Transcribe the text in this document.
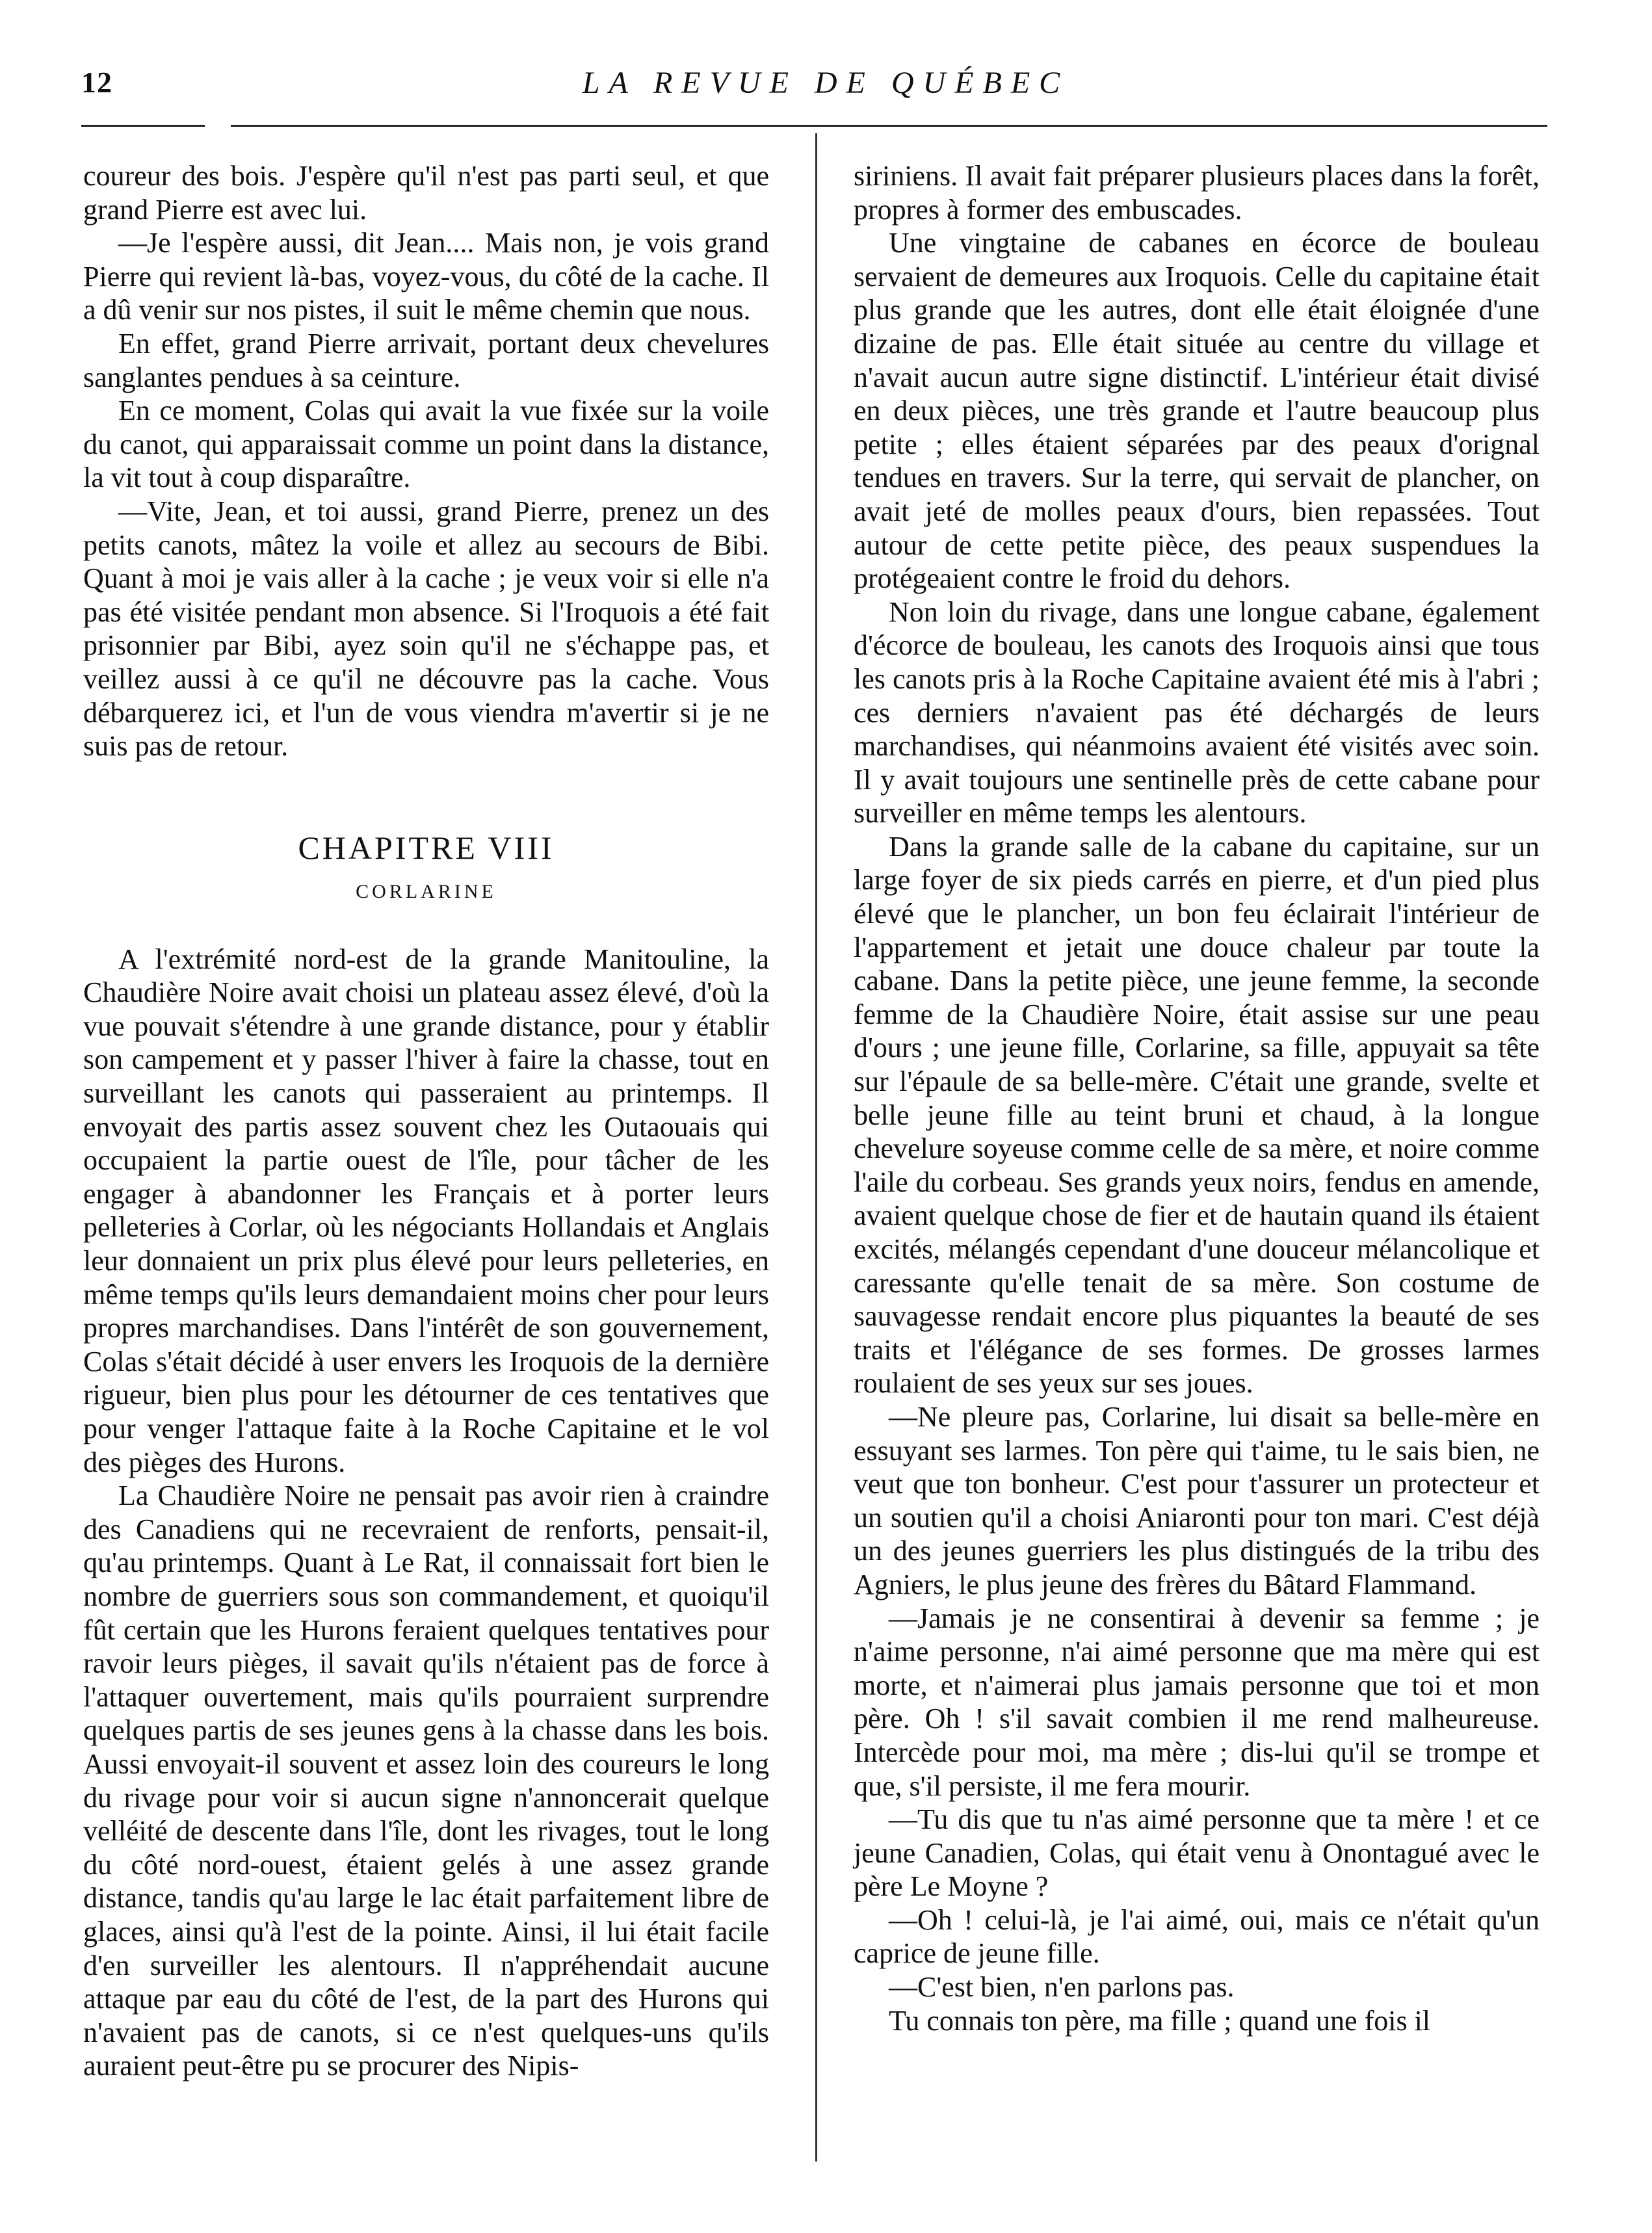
12	LA REVUE DE QUÉBEC

coureur des bois. J'espère qu'il n'est pas parti seul, et que grand Pierre est avec lui.

—Je l'espère aussi, dit Jean.... Mais non, je vois grand Pierre qui revient là-bas, voyez-vous, du côté de la cache. Il a dû venir sur nos pistes, il suit le même chemin que nous.

En effet, grand Pierre arrivait, portant deux chevelures sanglantes pendues à sa ceinture.

En ce moment, Colas qui avait la vue fixée sur la voile du canot, qui apparaissait comme un point dans la distance, la vit tout à coup disparaître.

—Vite, Jean, et toi aussi, grand Pierre, prenez un des petits canots, mâtez la voile et allez au secours de Bibi. Quant à moi je vais aller à la cache ; je veux voir si elle n'a pas été visitée pendant mon absence. Si l'Iroquois a été fait prisonnier par Bibi, ayez soin qu'il ne s'échappe pas, et veillez aussi à ce qu'il ne découvre pas la cache. Vous débarquerez ici, et l'un de vous viendra m'avertir si je ne suis pas de retour.

CHAPITRE VIII
CORLARINE

A l'extrémité nord-est de la grande Manitouline, la Chaudière Noire avait choisi un plateau assez élevé, d'où la vue pouvait s'étendre à une grande distance, pour y établir son campement et y passer l'hiver à faire la chasse, tout en surveillant les canots qui passeraient au printemps. Il envoyait des partis assez souvent chez les Outaouais qui occupaient la partie ouest de l'île, pour tâcher de les engager à abandonner les Français et à porter leurs pelleteries à Corlar, où les négociants Hollandais et Anglais leur donnaient un prix plus élevé pour leurs pelleteries, en même temps qu'ils leurs demandaient moins cher pour leurs propres marchandises. Dans l'intérêt de son gouvernement, Colas s'était décidé à user envers les Iroquois de la dernière rigueur, bien plus pour les détourner de ces tentatives que pour venger l'attaque faite à la Roche Capitaine et le vol des pièges des Hurons.

La Chaudière Noire ne pensait pas avoir rien à craindre des Canadiens qui ne recevraient de renforts, pensait-il, qu'au printemps. Quant à Le Rat, il connaissait fort bien le nombre de guerriers sous son commandement, et quoiqu'il fût certain que les Hurons feraient quelques tentatives pour ravoir leurs pièges, il savait qu'ils n'étaient pas de force à l'attaquer ouvertement, mais qu'ils pourraient surprendre quelques partis de ses jeunes gens à la chasse dans les bois. Aussi envoyait-il souvent et assez loin des coureurs le long du rivage pour voir si aucun signe n'annoncerait quelque velléité de descente dans l'île, dont les rivages, tout le long du côté nord-ouest, étaient gelés à une assez grande distance, tandis qu'au large le lac était parfaitement libre de glaces, ainsi qu'à l'est de la pointe. Ainsi, il lui était facile d'en surveiller les alentours. Il n'appréhendait aucune attaque par eau du côté de l'est, de la part des Hurons qui n'avaient pas de canots, si ce n'est quelques-uns qu'ils auraient peut-être pu se procurer des Nipis-

siriniens. Il avait fait préparer plusieurs places dans la forêt, propres à former des embuscades.

Une vingtaine de cabanes en écorce de bouleau servaient de demeures aux Iroquois. Celle du capitaine était plus grande que les autres, dont elle était éloignée d'une dizaine de pas. Elle était située au centre du village et n'avait aucun autre signe distinctif. L'intérieur était divisé en deux pièces, une très grande et l'autre beaucoup plus petite ; elles étaient séparées par des peaux d'orignal tendues en travers. Sur la terre, qui servait de plancher, on avait jeté de molles peaux d'ours, bien repassées. Tout autour de cette petite pièce, des peaux suspendues la protégeaient contre le froid du dehors.

Non loin du rivage, dans une longue cabane, également d'écorce de bouleau, les canots des Iroquois ainsi que tous les canots pris à la Roche Capitaine avaient été mis à l'abri ; ces derniers n'avaient pas été déchargés de leurs marchandises, qui néanmoins avaient été visités avec soin. Il y avait toujours une sentinelle près de cette cabane pour surveiller en même temps les alentours.

Dans la grande salle de la cabane du capitaine, sur un large foyer de six pieds carrés en pierre, et d'un pied plus élevé que le plancher, un bon feu éclairait l'intérieur de l'appartement et jetait une douce chaleur par toute la cabane. Dans la petite pièce, une jeune femme, la seconde femme de la Chaudière Noire, était assise sur une peau d'ours ; une jeune fille, Corlarine, sa fille, appuyait sa tête sur l'épaule de sa belle-mère. C'était une grande, svelte et belle jeune fille au teint bruni et chaud, à la longue chevelure soyeuse comme celle de sa mère, et noire comme l'aile du corbeau. Ses grands yeux noirs, fendus en amende, avaient quelque chose de fier et de hautain quand ils étaient excités, mélangés cependant d'une douceur mélancolique et caressante qu'elle tenait de sa mère. Son costume de sauvagesse rendait encore plus piquantes la beauté de ses traits et l'élégance de ses formes. De grosses larmes roulaient de ses yeux sur ses joues.

—Ne pleure pas, Corlarine, lui disait sa belle-mère en essuyant ses larmes. Ton père qui t'aime, tu le sais bien, ne veut que ton bonheur. C'est pour t'assurer un protecteur et un soutien qu'il a choisi Aniaronti pour ton mari. C'est déjà un des jeunes guerriers les plus distingués de la tribu des Agniers, le plus jeune des frères du Bâtard Flammand.

—Jamais je ne consentirai à devenir sa femme ; je n'aime personne, n'ai aimé personne que ma mère qui est morte, et n'aimerai plus jamais personne que toi et mon père. Oh ! s'il savait combien il me rend malheureuse. Intercède pour moi, ma mère ; dis-lui qu'il se trompe et que, s'il persiste, il me fera mourir.

—Tu dis que tu n'as aimé personne que ta mère ! et ce jeune Canadien, Colas, qui était venu à Onontagué avec le père Le Moyne ?

—Oh ! celui-là, je l'ai aimé, oui, mais ce n'était qu'un caprice de jeune fille.

—C'est bien, n'en parlons pas.

Tu connais ton père, ma fille ; quand une fois il
